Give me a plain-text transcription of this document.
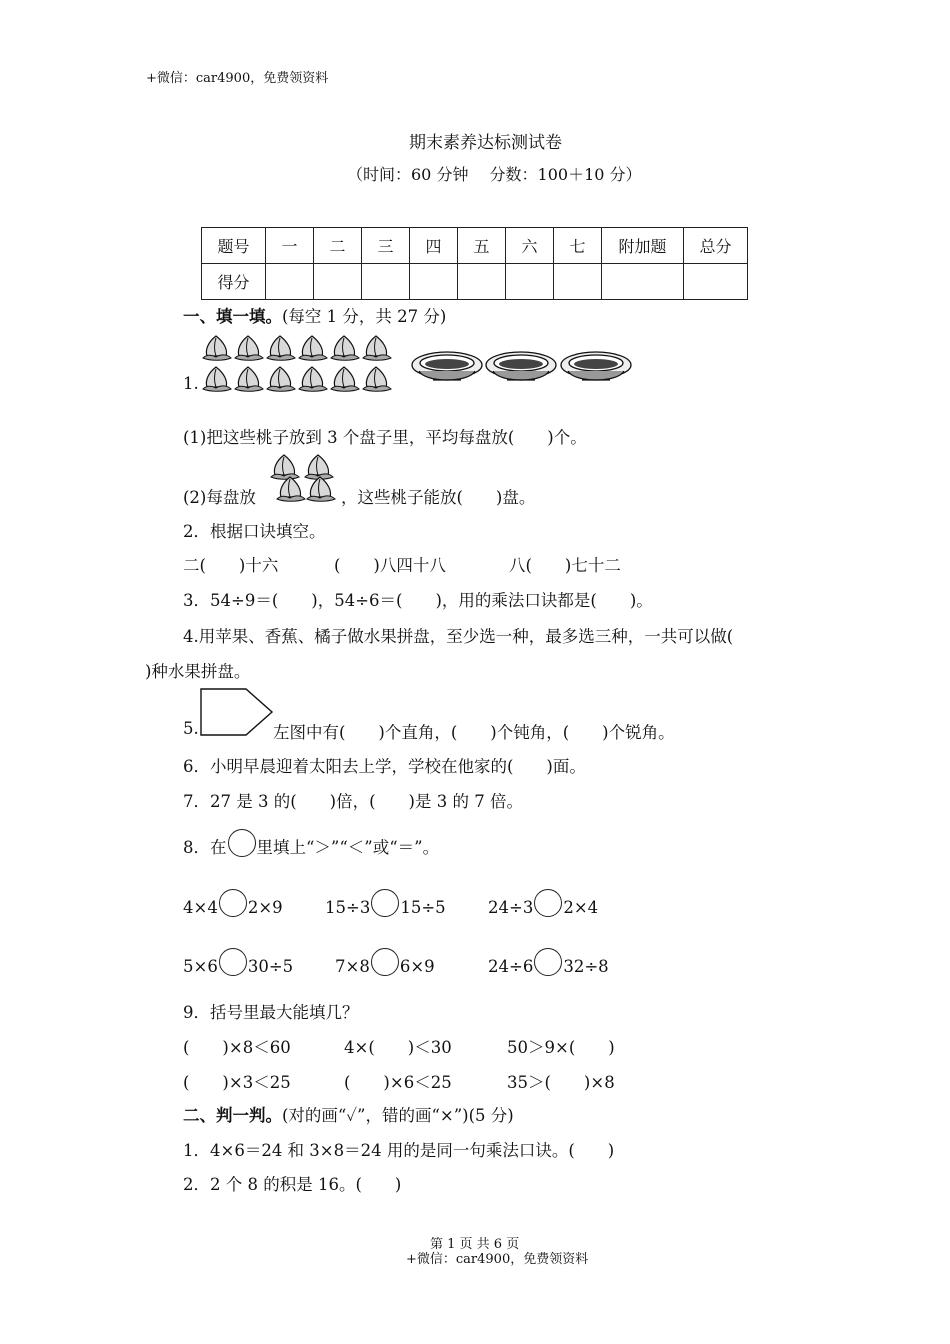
+微信：car4900，免费领资料
期末素养达标测试卷
（时间：60 分钟　 分数：100＋10 分）
题号	一	二	三	四	五	六	七	附加题	总分
得分									
一、填一填。(每空 1 分，共 27 分)
1.
(1)把这些桃子放到 3 个盘子里，平均每盘放(　　)个。
(2)每盘放	，这些桃子能放(　　)盘。
2．根据口诀填空。
二(　　)十六	(　　)八四十八	八(　　)七十二
3．54÷9＝(　　)，54÷6＝(　　)，用的乘法口诀都是(　　)。
4.用苹果、香蕉、橘子做水果拼盘，至少选一种，最多选三种，一共可以做(
)种水果拼盘。
5.	左图中有(　　)个直角，(　　)个钝角，(　　)个锐角。
6．小明早晨迎着太阳去上学，学校在他家的(　　)面。
7．27 是 3 的(　　)倍，(　　)是 3 的 7 倍。
8．在 里填上“＞”“＜”或“＝”。
4×4 2×9	15÷3 15÷5	24÷3 2×4
5×6 30÷5	7×8 6×9	24÷6 32÷8
9．括号里最大能填几？
(　　)×8＜60	4×(　　)＜30	50＞9×(　　)
(　　)×3＜25	(　　)×6＜25	35＞(　　)×8
二、判一判。(对的画“✓”，错的画“×”)(5 分)
1．4×6＝24 和 3×8＝24 用的是同一句乘法口诀。(　　)
2．2 个 8 的积是 16。(　　)
第 1 页 共 6 页
+微信：car4900，免费领资料
